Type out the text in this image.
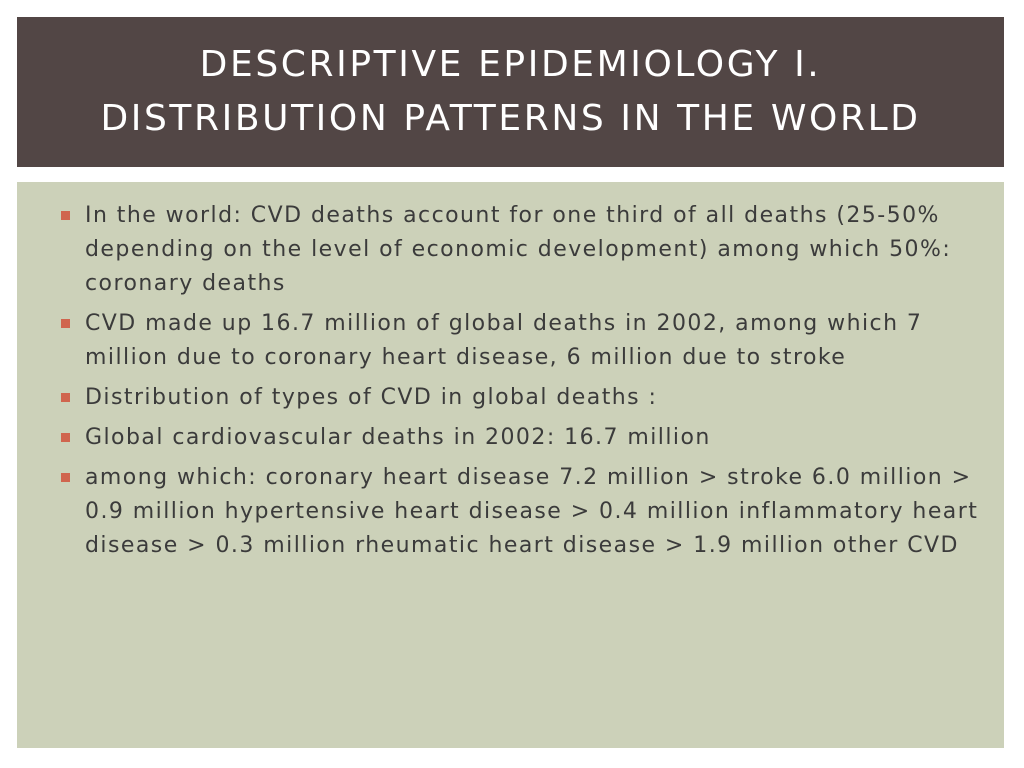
DESCRIPTIVE EPIDEMIOLOGY I.
DISTRIBUTION PATTERNS IN THE WORLD
In the world: CVD deaths account for one third of all deaths (25-50% depending on the level of economic development) among which 50%: coronary deaths
CVD made up 16.7 million of global deaths in 2002, among which 7 million due to coronary heart disease, 6 million due to stroke
Distribution of types of CVD in global deaths :
Global cardiovascular deaths in 2002: 16.7 million
among which: coronary heart disease 7.2 million > stroke 6.0 million > 0.9 million hypertensive heart disease > 0.4 million inflammatory heart disease > 0.3 million rheumatic heart disease > 1.9 million other CVD
